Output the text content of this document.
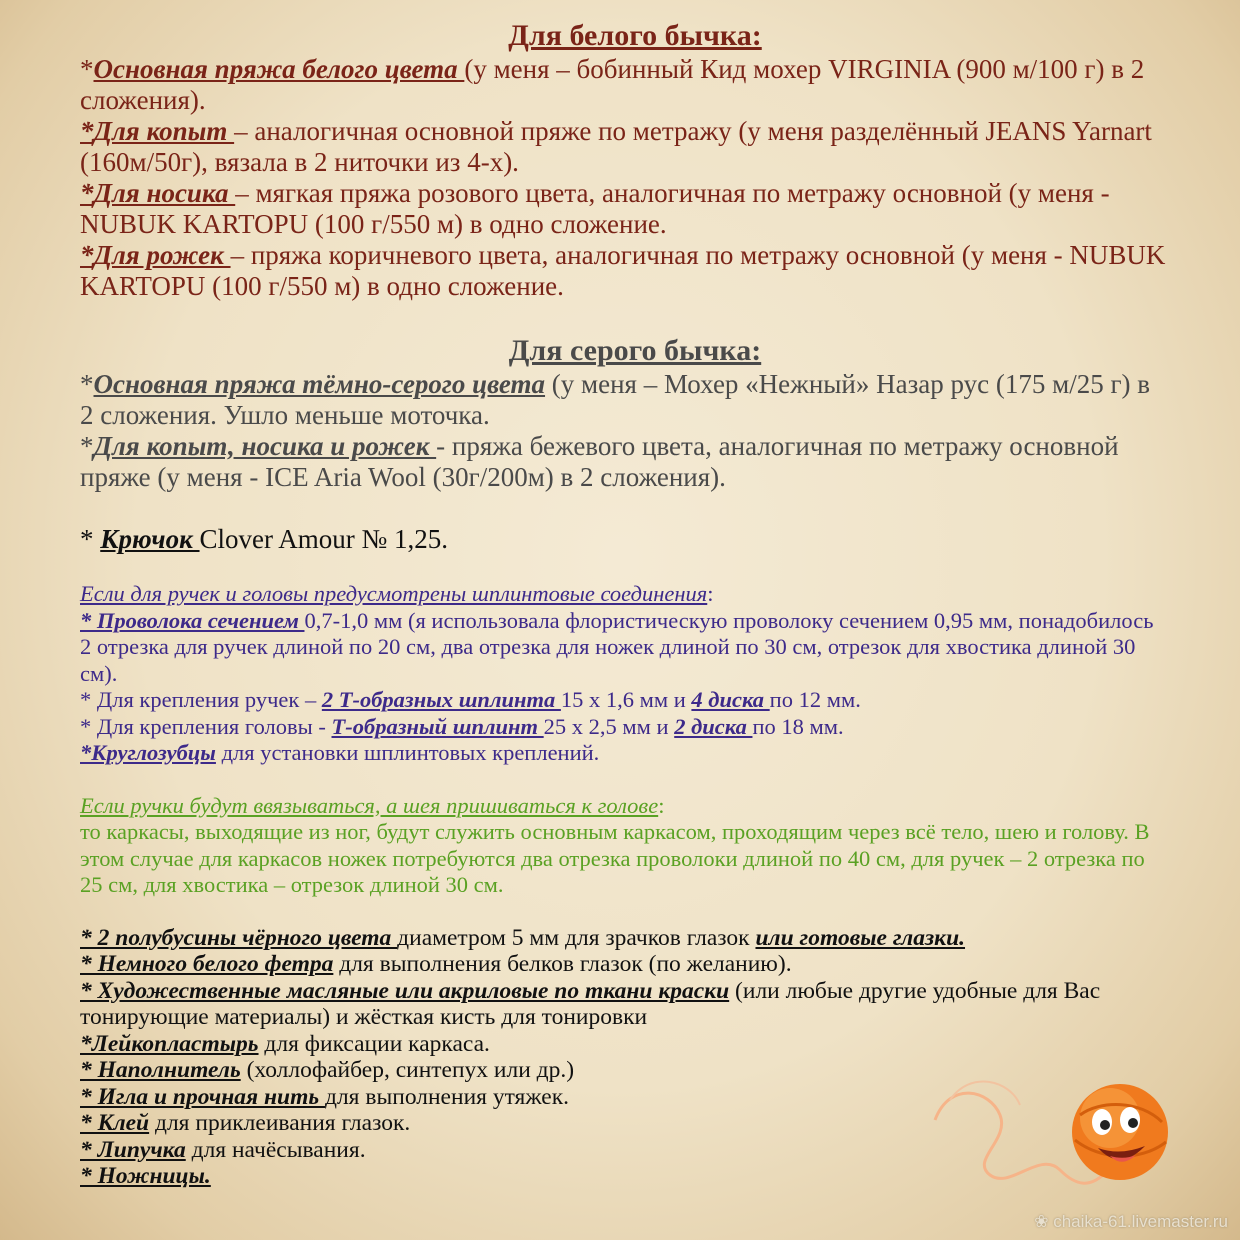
Для белого бычка:

*Основная пряжа белого цвета (у меня – бобинный Кид мохер VIRGINIA (900 м/100 г) в 2 сложения).

*Для копыт – аналогичная основной пряже по метражу (у меня разделённый JEANS Yarnart (160м/50г), вязала в 2 ниточки из 4-х).

*Для носика – мягкая пряжа розового цвета, аналогичная по метражу основной (у меня - NUBUK KARTOPU (100 г/550 м) в одно сложение.

*Для рожек – пряжа коричневого цвета, аналогичная по метражу основной (у меня - NUBUK KARTOPU (100 г/550 м) в одно сложение.

Для серого бычка:

*Основная пряжа тёмно-серого цвета (у меня – Мохер «Нежный» Назар рус (175 м/25 г) в 2 сложения. Ушло меньше моточка.

*Для копыт, носика и рожек - пряжа бежевого цвета, аналогичная по метражу основной пряже (у меня - ICE Aria Wool (30г/200м) в 2 сложения).

* Крючок Clover Amour № 1,25.

Если для ручек и головы предусмотрены шплинтовые соединения:

* Проволока сечением 0,7-1,0 мм (я использовала флористическую проволоку сечением 0,95 мм, понадобилось 2 отрезка для ручек длиной по 20 см, два отрезка для ножек длиной по 30 см, отрезок для хвостика длиной 30 см).

* Для крепления ручек – 2 Т-образных шплинта 15 х 1,6 мм и 4 диска по 12 мм.

* Для крепления головы - Т-образный шплинт 25 х 2,5 мм и 2 диска по 18 мм.

*Круглозубцы для установки шплинтовых креплений.

Если ручки будут ввязываться, а шея пришиваться к голове:

то каркасы, выходящие из ног, будут служить основным каркасом, проходящим через всё тело, шею и голову. В этом случае для каркасов ножек потребуются два отрезка проволоки длиной по 40 см, для ручек – 2 отрезка по 25 см, для хвостика – отрезок длиной 30 см.

* 2 полубусины чёрного цвета диаметром 5 мм для зрачков глазок или готовые глазки.

* Немного белого фетра для выполнения белков глазок (по желанию).

* Художественные масляные или акриловые по ткани краски (или любые другие удобные для Вас тонирующие материалы) и жёсткая кисть для тонировки

*Лейкопластырь для фиксации каркаса.

* Наполнитель (холлофайбер, синтепух или др.)

* Игла и прочная нить для выполнения утяжек.

* Клей для приклеивания глазок.

* Липучка для начёсывания.

* Ножницы.

❀ chaika-61.livemaster.ru
